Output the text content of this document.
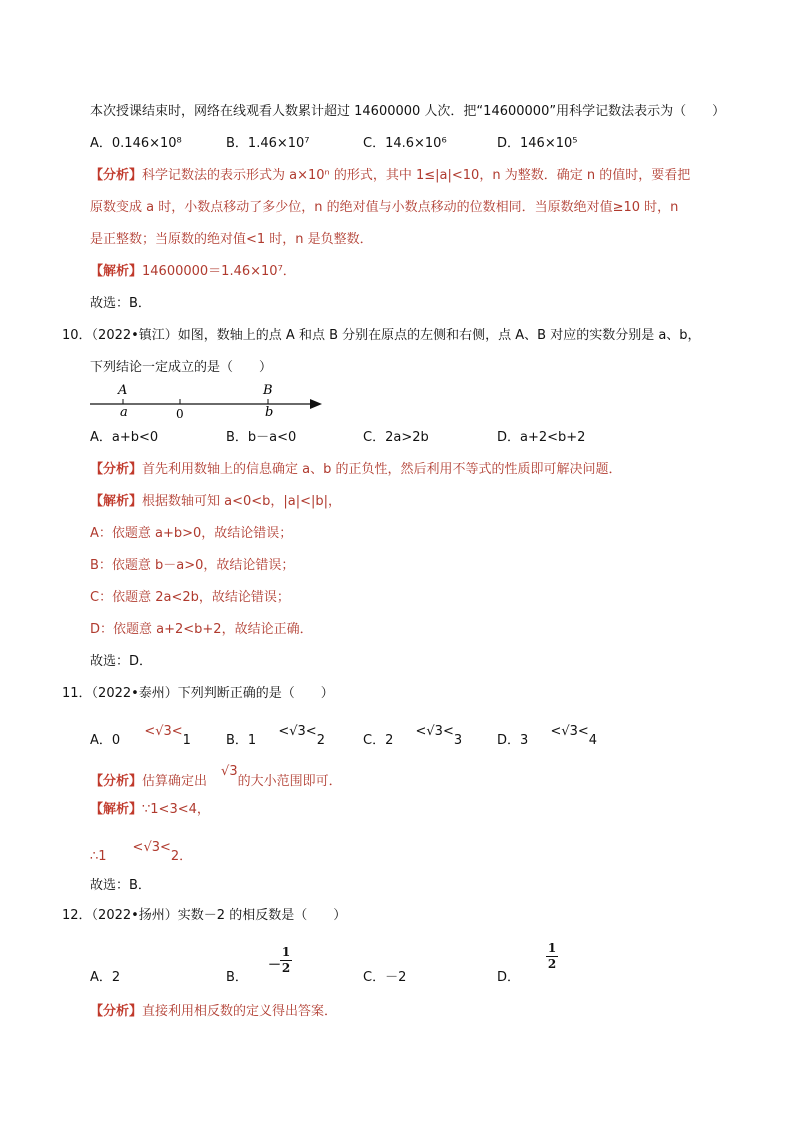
本次授课结束时，网络在线观看人数累计超过 14600000 人次．把“14600000”用科学记数法表示为（　　）
A．0.146×10⁸	B．1.46×10⁷	C．14.6×10⁶	D．146×10⁵
【分析】科学记数法的表示形式为 a×10ⁿ 的形式，其中 1≤|a|<10，n 为整数．确定 n 的值时，要看把
原数变成 a 时，小数点移动了多少位，n 的绝对值与小数点移动的位数相同．当原数绝对值≥10 时，n
是正整数；当原数的绝对值<1 时，n 是负整数．
【解析】14600000＝1.46×10⁷．
故选：B．
10．（2022•镇江）如图，数轴上的点 A 和点 B 分别在原点的左侧和右侧，点 A、B 对应的实数分别是 a、b，
下列结论一定成立的是（　　）
A
a	0
B
b
A．a+b<0	B．b－a<0	C．2a>2b	D．a+2<b+2
【分析】首先利用数轴上的信息确定 a、b 的正负性，然后利用不等式的性质即可解决问题．
【解析】根据数轴可知 a<0<b，|a|<|b|，
A：依题意 a+b>0，故结论错误；
B：依题意 b－a>0，故结论错误；
C：依题意 2a<2b，故结论错误；
D：依题意 a+2<b+2，故结论正确．
故选：D．
11．（2022•泰州）下列判断正确的是（　　）
A．0 <√3<1	B．1 <√3<2	C．2 <√3<3	D．3 <√3<4
【分析】估算确定出√3的大小范围即可．
【解析】∵1<3<4，
∴1<√3<2．
故选：B．
12．（2022•扬州）实数－2 的相反数是（　　）
A．2	B．
－
1
2
C．－2	D．
1
2
【分析】直接利用相反数的定义得出答案．
